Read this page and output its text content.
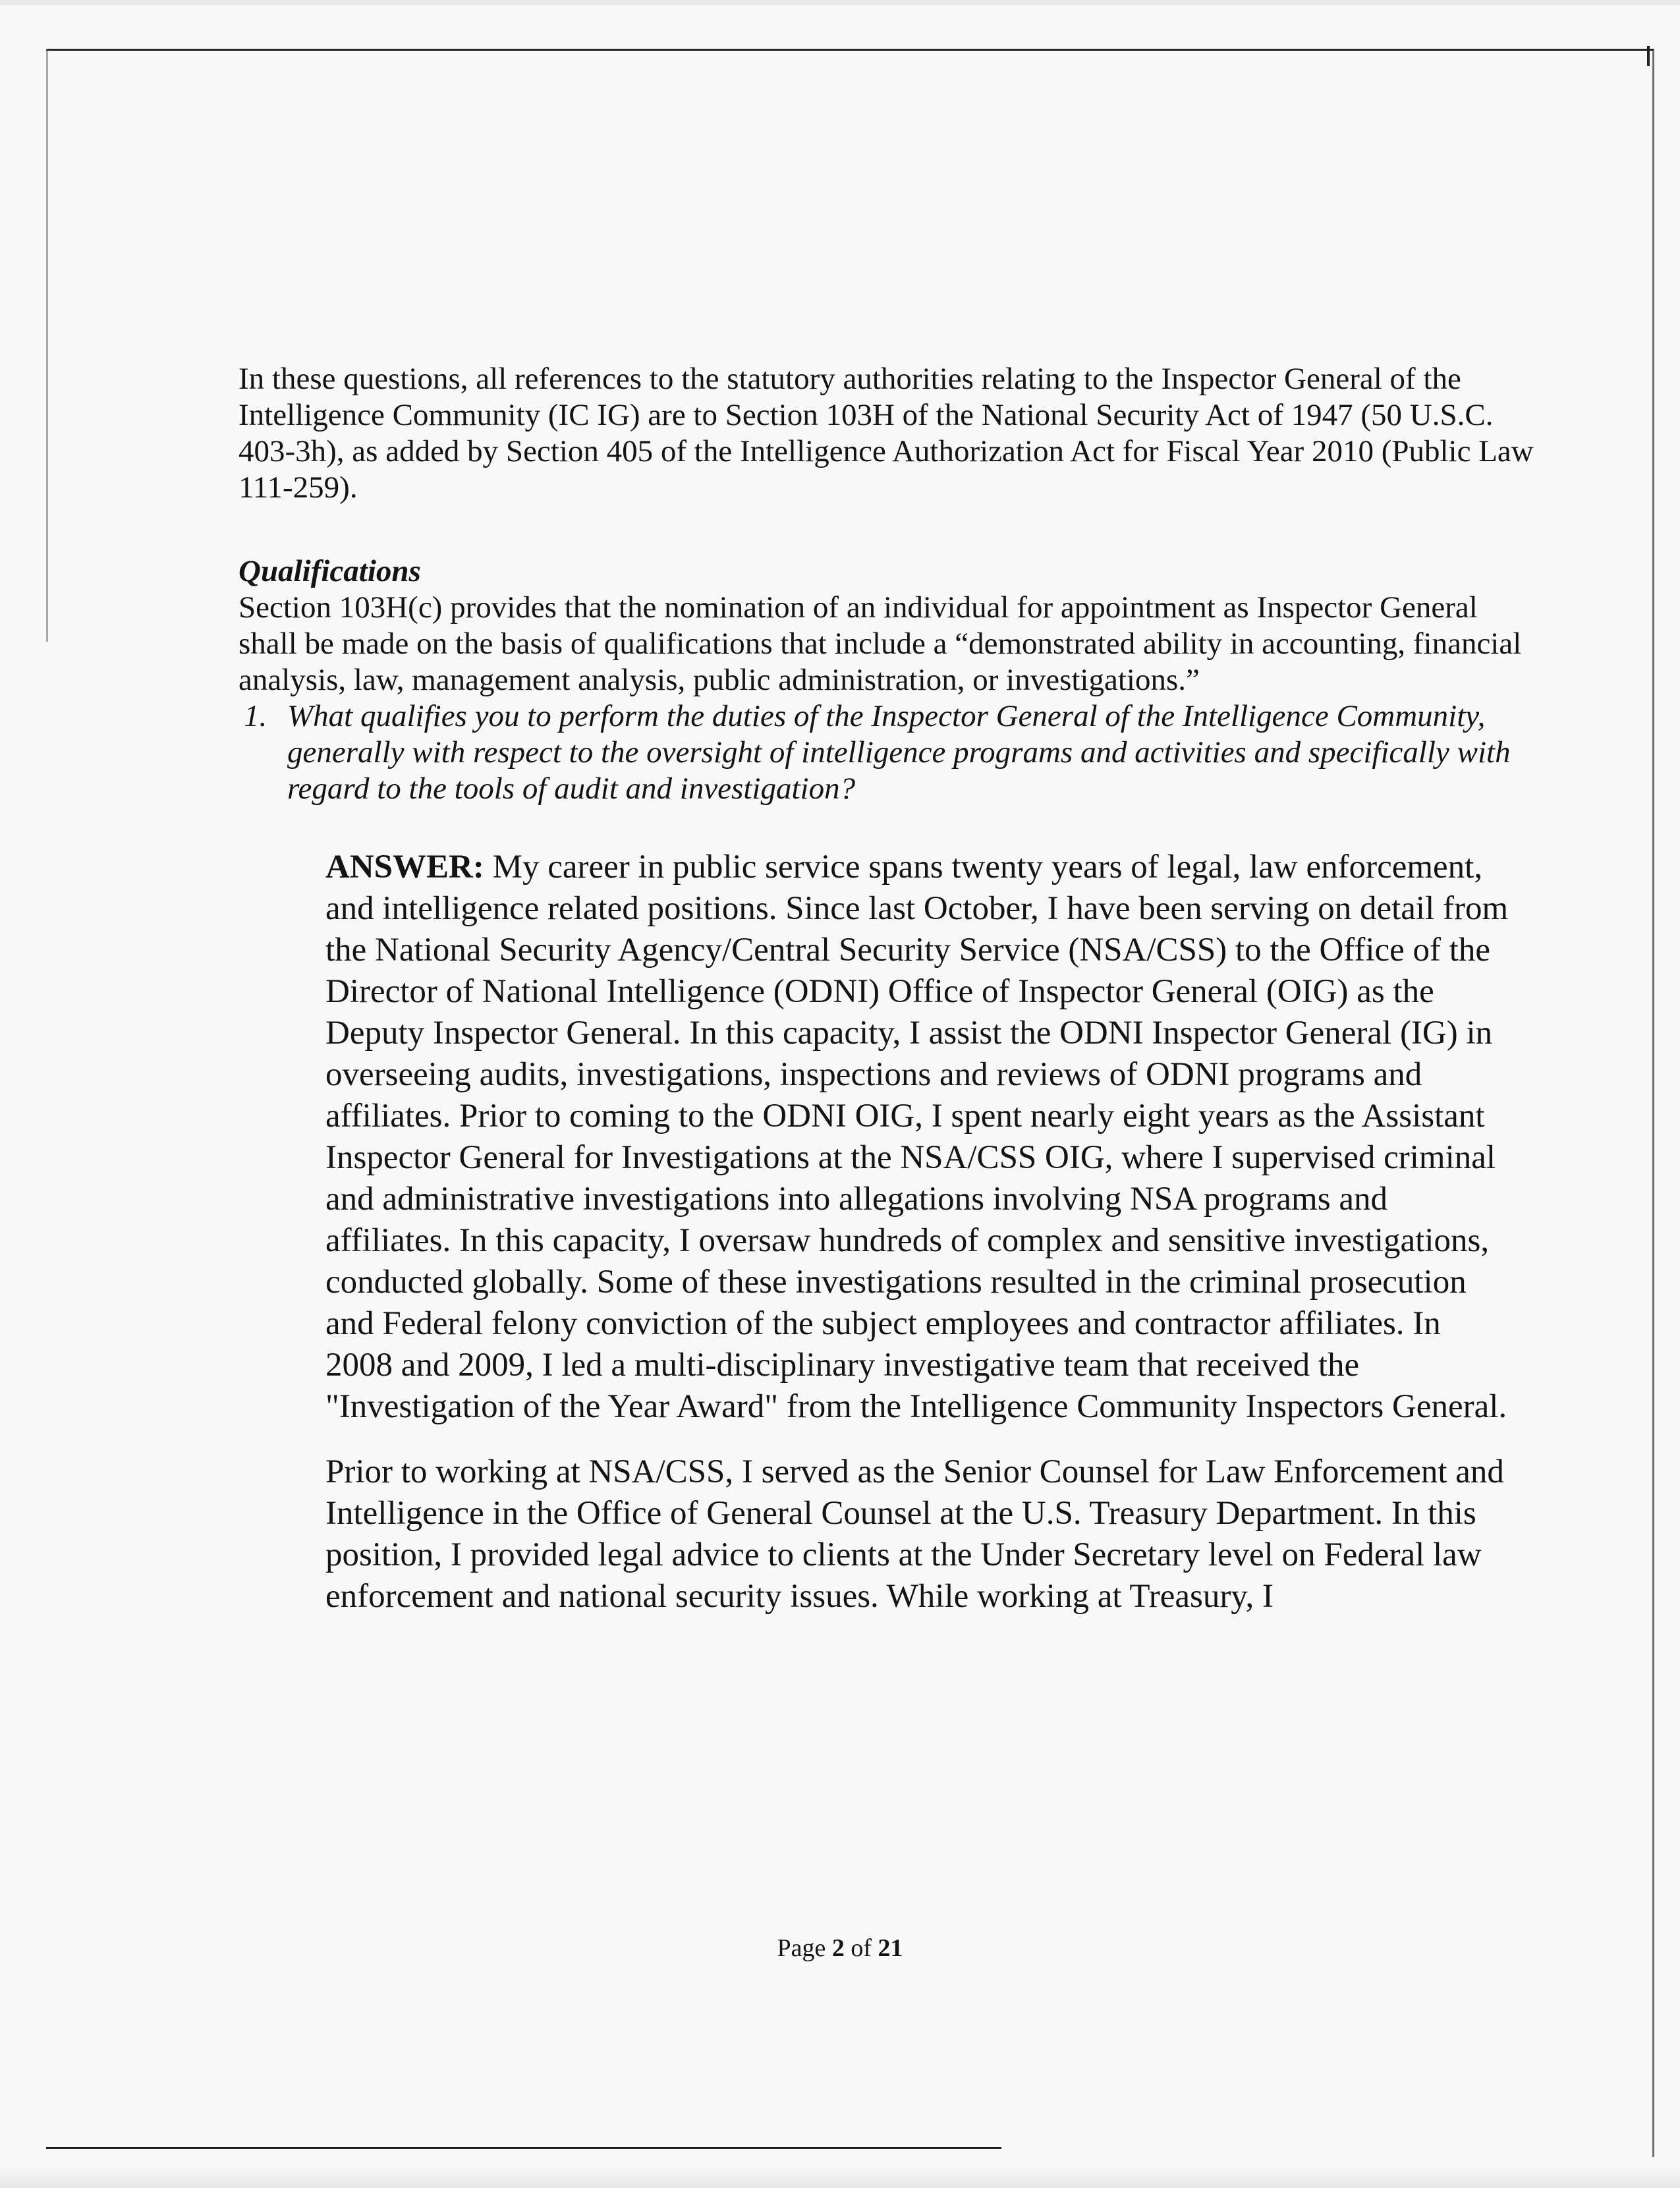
In these questions, all references to the statutory authorities relating to the Inspector General of the Intelligence Community (IC IG) are to Section 103H of the National Security Act of 1947 (50 U.S.C. 403-3h), as added by Section 405 of the Intelligence Authorization Act for Fiscal Year 2010 (Public Law 111-259).

Qualifications

Section 103H(c) provides that the nomination of an individual for appointment as Inspector General shall be made on the basis of qualifications that include a “demonstrated ability in accounting, financial analysis, law, management analysis, public administration, or investigations.”

1. What qualifies you to perform the duties of the Inspector General of the Intelligence Community, generally with respect to the oversight of intelligence programs and activities and specifically with regard to the tools of audit and investigation?

ANSWER: My career in public service spans twenty years of legal, law enforcement, and intelligence related positions. Since last October, I have been serving on detail from the National Security Agency/Central Security Service (NSA/CSS) to the Office of the Director of National Intelligence (ODNI) Office of Inspector General (OIG) as the Deputy Inspector General. In this capacity, I assist the ODNI Inspector General (IG) in overseeing audits, investigations, inspections and reviews of ODNI programs and affiliates. Prior to coming to the ODNI OIG, I spent nearly eight years as the Assistant Inspector General for Investigations at the NSA/CSS OIG, where I supervised criminal and administrative investigations into allegations involving NSA programs and affiliates. In this capacity, I oversaw hundreds of complex and sensitive investigations, conducted globally. Some of these investigations resulted in the criminal prosecution and Federal felony conviction of the subject employees and contractor affiliates. In 2008 and 2009, I led a multi-disciplinary investigative team that received the "Investigation of the Year Award" from the Intelligence Community Inspectors General.

Prior to working at NSA/CSS, I served as the Senior Counsel for Law Enforcement and Intelligence in the Office of General Counsel at the U.S. Treasury Department. In this position, I provided legal advice to clients at the Under Secretary level on Federal law enforcement and national security issues. While working at Treasury, I

Page 2 of 21
